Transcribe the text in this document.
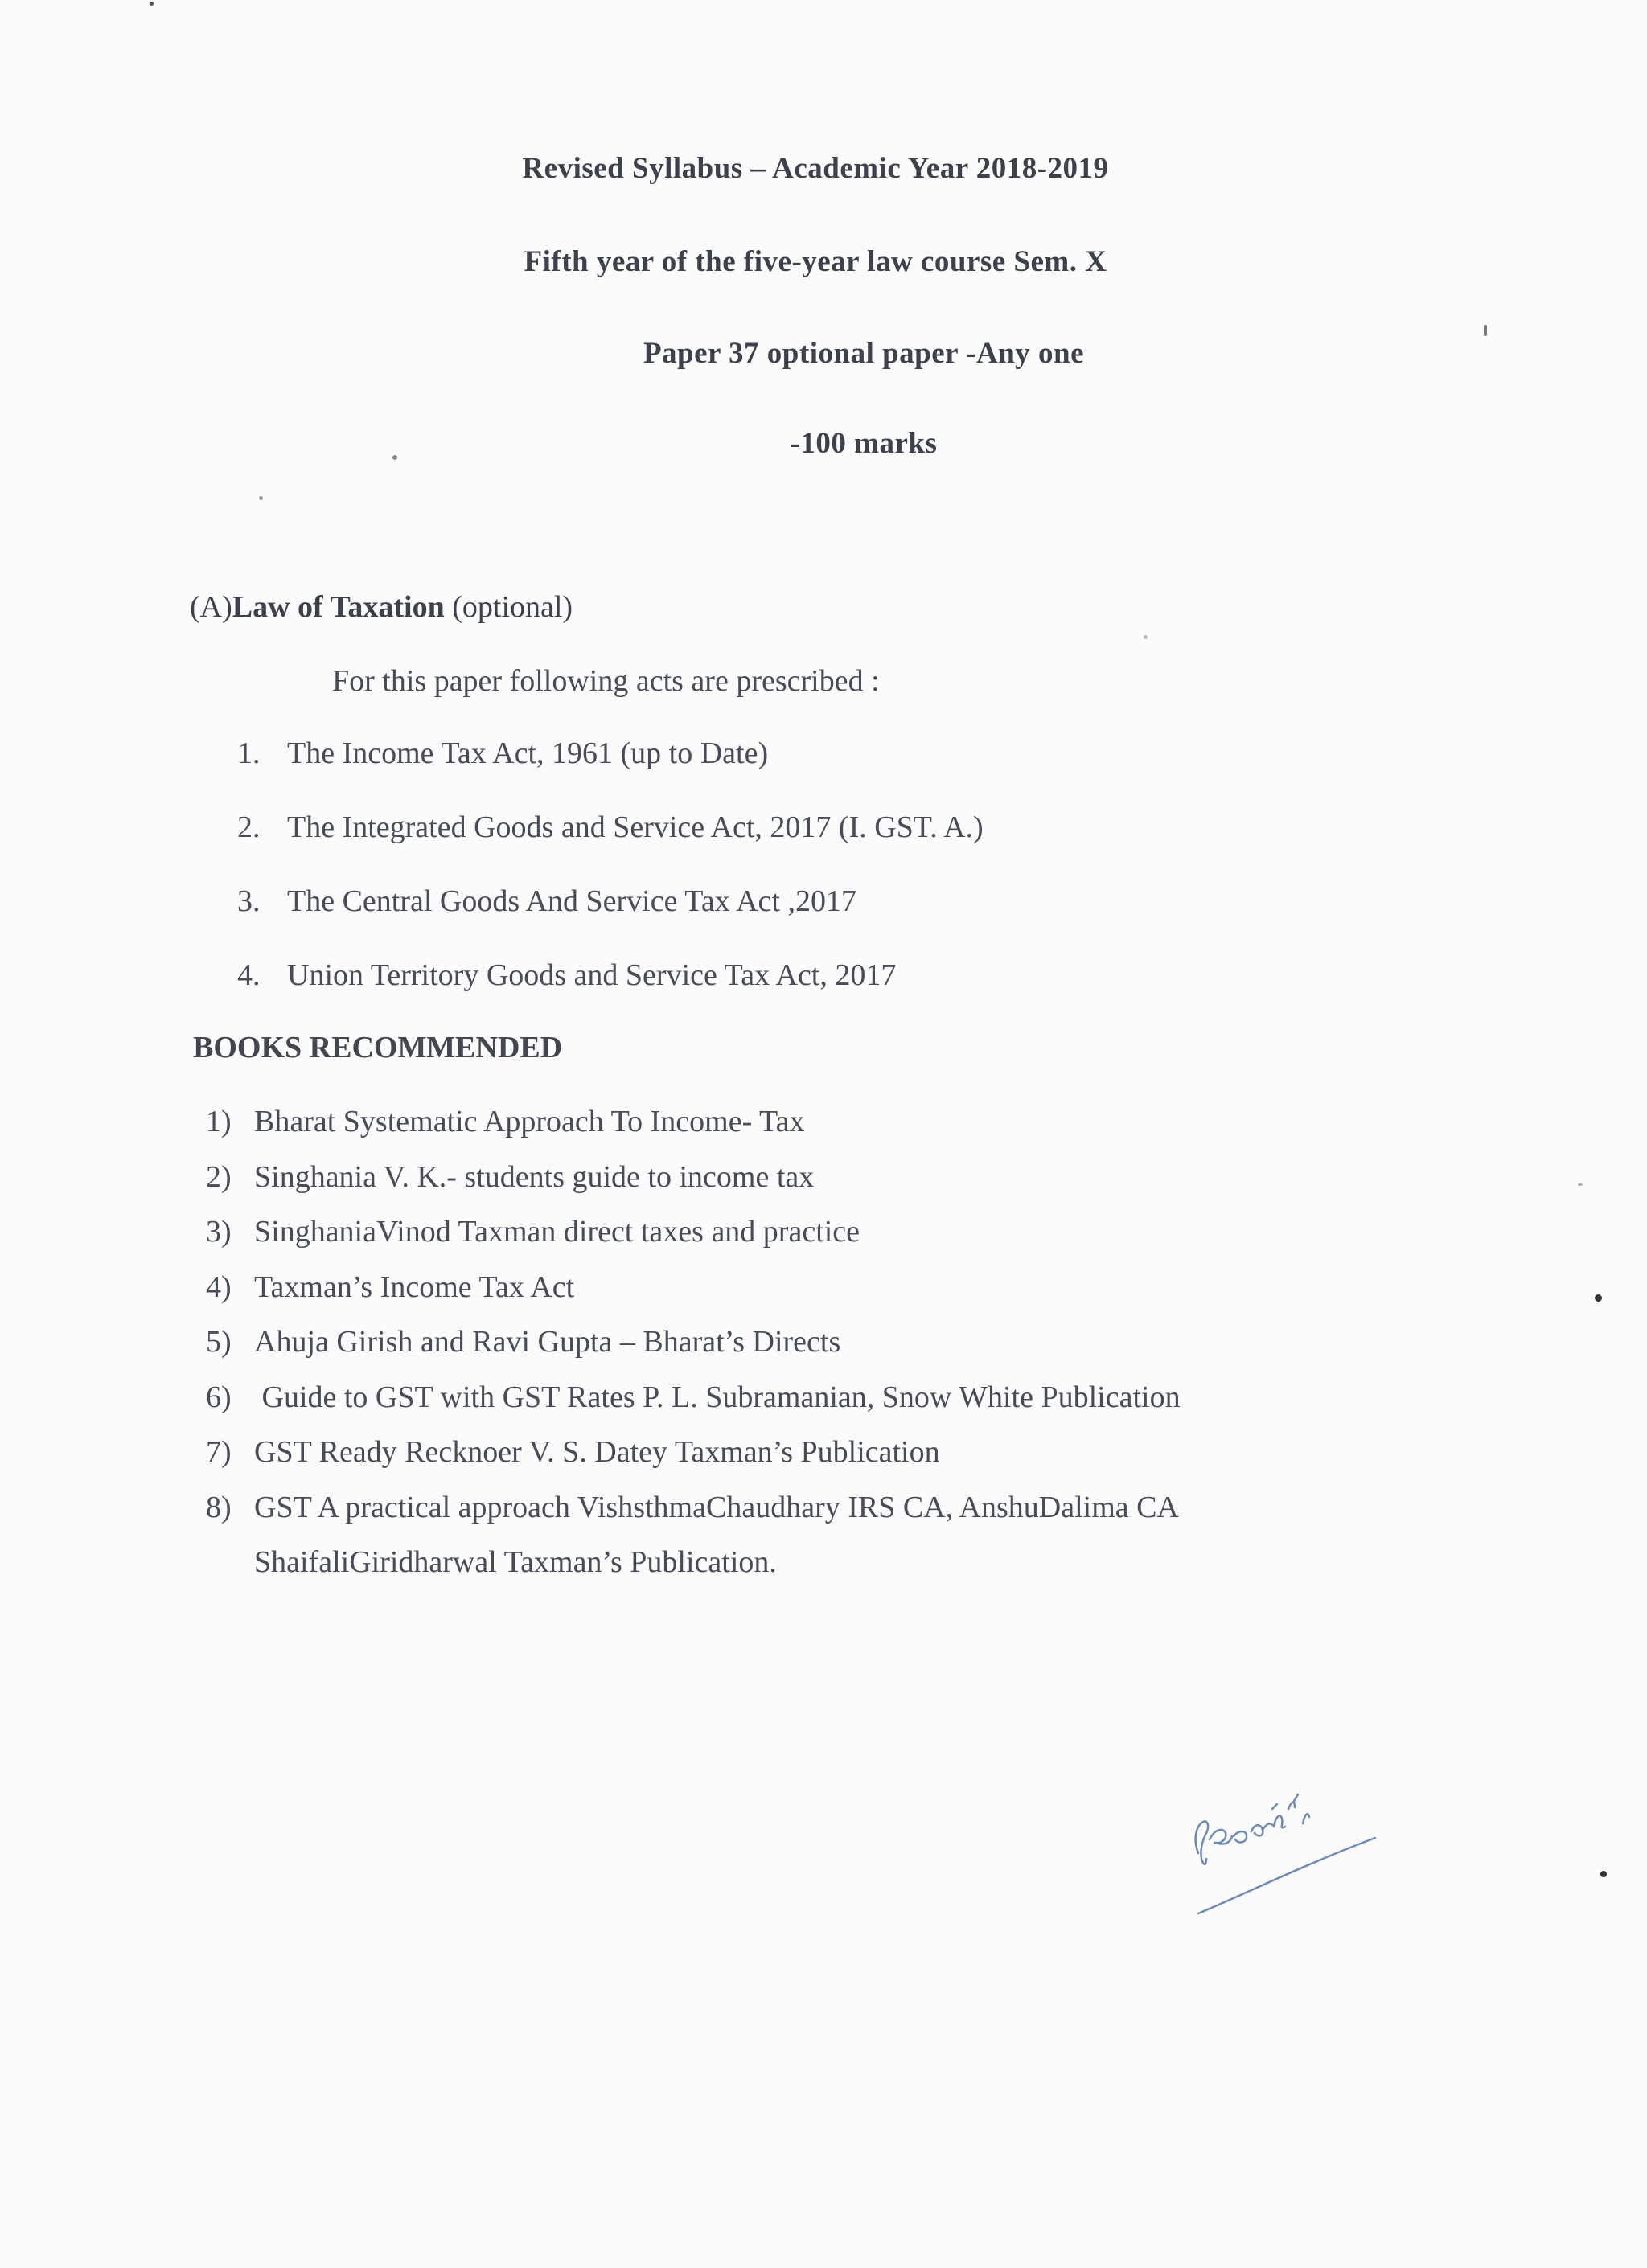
Revised Syllabus – Academic Year 2018-2019
Fifth year of the five-year law course Sem. X
Paper 37 optional paper -Any one
-100 marks
(A)Law of Taxation (optional)
For this paper following acts are prescribed :
1. The Income Tax Act, 1961 (up to Date)
2. The Integrated Goods and Service Act, 2017 (I. GST. A.)
3. The Central Goods And Service Tax Act ,2017
4. Union Territory Goods and Service Tax Act, 2017
BOOKS RECOMMENDED
1) Bharat Systematic Approach To Income- Tax
2) Singhania V. K.- students guide to income tax
3) SinghaniaVinod Taxman direct taxes and practice
4) Taxman’s Income Tax Act
5) Ahuja Girish and Ravi Gupta – Bharat’s Directs
6) Guide to GST with GST Rates P. L. Subramanian, Snow White Publication
7) GST Ready Recknoer V. S. Datey Taxman’s Publication
8) GST A practical approach VishsthmaChaudhary IRS CA, AnshuDalima CA
ShaifaliGiridharwal Taxman’s Publication.
